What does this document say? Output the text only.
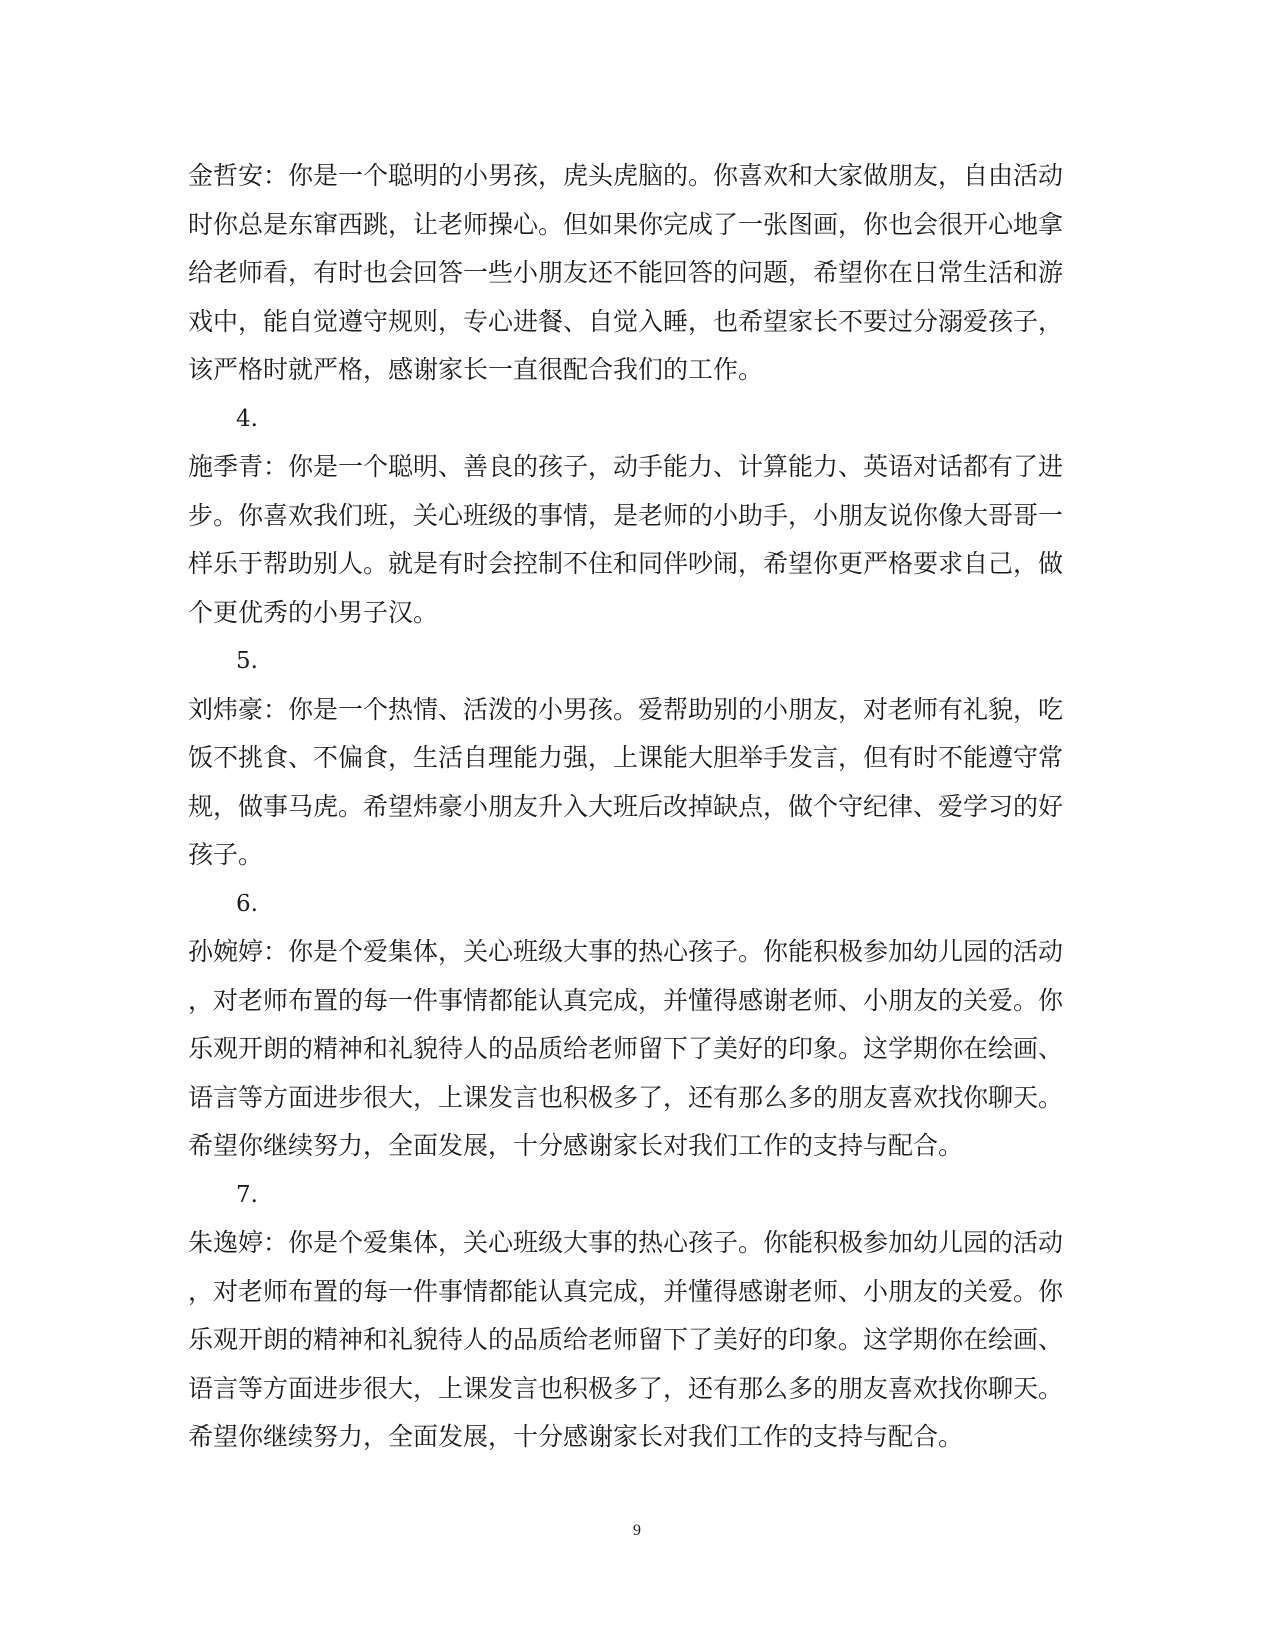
金哲安：你是一个聪明的小男孩，虎头虎脑的。你喜欢和大家做朋友，自由活动

时你总是东窜西跳，让老师操心。但如果你完成了一张图画，你也会很开心地拿

给老师看，有时也会回答一些小朋友还不能回答的问题，希望你在日常生活和游

戏中，能自觉遵守规则，专心进餐、自觉入睡，也希望家长不要过分溺爱孩子，

该严格时就严格，感谢家长一直很配合我们的工作。

4.

施季青：你是一个聪明、善良的孩子，动手能力、计算能力、英语对话都有了进

步。你喜欢我们班，关心班级的事情，是老师的小助手，小朋友说你像大哥哥一

样乐于帮助别人。就是有时会控制不住和同伴吵闹，希望你更严格要求自己，做

个更优秀的小男子汉。

5.

刘炜豪：你是一个热情、活泼的小男孩。爱帮助别的小朋友，对老师有礼貌，吃

饭不挑食、不偏食，生活自理能力强，上课能大胆举手发言，但有时不能遵守常

规，做事马虎。希望炜豪小朋友升入大班后改掉缺点，做个守纪律、爱学习的好

孩子。

6.

孙婉婷：你是个爱集体，关心班级大事的热心孩子。你能积极参加幼儿园的活动

，对老师布置的每一件事情都能认真完成，并懂得感谢老师、小朋友的关爱。你

乐观开朗的精神和礼貌待人的品质给老师留下了美好的印象。这学期你在绘画、

语言等方面进步很大，上课发言也积极多了，还有那么多的朋友喜欢找你聊天。

希望你继续努力，全面发展，十分感谢家长对我们工作的支持与配合。

7.

朱逸婷：你是个爱集体，关心班级大事的热心孩子。你能积极参加幼儿园的活动

，对老师布置的每一件事情都能认真完成，并懂得感谢老师、小朋友的关爱。你

乐观开朗的精神和礼貌待人的品质给老师留下了美好的印象。这学期你在绘画、

语言等方面进步很大，上课发言也积极多了，还有那么多的朋友喜欢找你聊天。

希望你继续努力，全面发展，十分感谢家长对我们工作的支持与配合。

9
